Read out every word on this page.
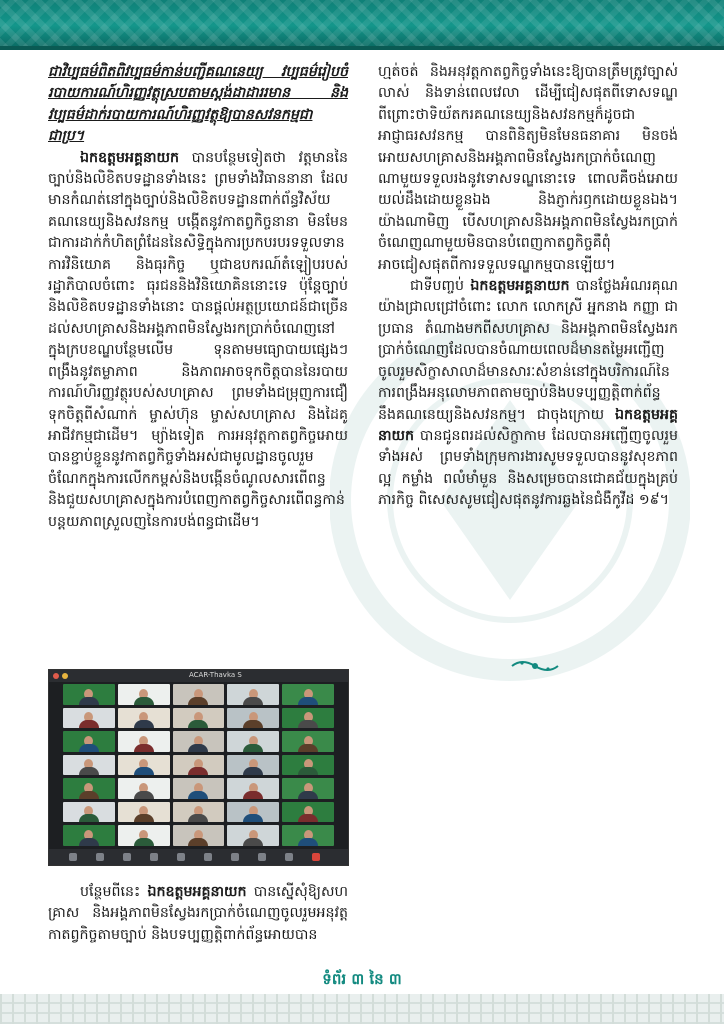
ជាវិប្បធម៌ពិតពិវប្បធម៌កាន់បញ្ជីគណនេយ្យ វប្បធម៌រៀបចំរបាយការណ៍ហិរញ្ញវត្ថុស្របតាមស្តង់ដាដាររមាន និងវប្បធម៌ដាក់របាយការណ៍ហិរញ្ញវត្ថុឱ្យបានសវនកម្មជាជាប្រ។

ឯកឧត្តមអគ្គនាយក បានបន្ថែមទៀតថា វត្តមាននៃច្បាប់និងលិខិតបទដ្ឋានទាំងនេះ ព្រមទាំងវិធាននានា ដែលមានកំណត់នៅក្នុងច្បាប់និងលិខិតបទដ្ឋានពាក់ព័ន្ធវិស័យគណនេយ្យនិងសវនកម្ម បង្កើតនូវកាតព្វកិច្ចនានា មិនមែនជាការដាក់កំហិតព្រំដែននៃសិទ្ធិក្នុងការប្រកបរបរទទួលទាន ការវិនិយោគ និងធុរកិច្ច ឬជាឧបករណ៍តំឡៀបរបស់រដ្ឋាភិបាលចំពោះ ធុរជននិងវិនិយោគិននោះទេ ប៉ុន្តែច្បាប់និងលិខិតបទដ្ឋានទាំងនោះ បានផ្តល់អត្ថប្រយោជន៍ជាច្រើនដល់សហគ្រាសនិងអង្គភាពមិនស្វែងរកប្រាក់ចំណេញនៅក្នុងក្របខណ្ឌបន្ថែមលើម ទុនតាមមធ្យោបាយផ្សេងៗ ពង្រឹងនូវតម្លាភាព និងភាពអាចទុកចិត្តបាននៃរបាយការណ៍ហិរញ្ញវត្ថុរបស់សហគ្រាស ព្រមទាំងជម្រុញការជឿទុកចិត្តពីសំណាក់ ម្ចាស់ហ៊ុន ម្ចាស់សហគ្រាស និងដៃគូអាជីវកម្មជាដើម។ ម្យ៉ាងទៀត ការអនុវត្តកាតព្វកិច្ចអោយបានខ្ជាប់ខ្ជួននូវកាតព្វកិច្ចទាំងអស់ជាមូលដ្ឋានចូលរួមចំណែកក្នុងការលើកកម្ពស់និងបង្កើនចំណូលសារពើពន្ធ និងជួយសហគ្រាសក្នុងការបំពេញកាតព្វកិច្ចសារពើពន្ធកាន់បន្តយភាពស្រួលញនៃការបង់ពន្ធជាដើម។

ACAR-Thavka S

បន្ថែមពីនេះ ឯកឧត្តមអគ្គនាយក បានស្នើសុំឱ្យសហគ្រាស និងអង្គភាពមិនស្វែងរកប្រាក់ចំណេញចូលរួមអនុវត្តកាតព្វកិច្ចតាមច្បាប់ និងបទប្បញ្ញត្តិពាក់ព័ន្ធអោយបាន

ហ្មត់ចត់ និងអនុវត្តកាតព្វកិច្ចទាំងនេះឱ្យបានត្រឹមត្រូវច្បាស់លាស់ និងទាន់ពេលវេលា ដើម្បីជៀសផុតពីទោសទណ្ឌ ពីព្រោះថាទិយ័តករគណនេយ្យនិងសវនកម្មក៏ដូចជាអាជ្ញាធរសវនកម្ម បានពិនិត្យមិនមែនធនាគារ មិនចង់អោយសហគ្រាសនិងអង្គភាពមិនស្វែងរកប្រាក់ចំណេញណាមួយទទួលរងនូវទោសទណ្ឌនោះទេ ពោលគឺចង់អោយយល់ដឹងដោយខ្លួនឯង និងភ្ញាក់រឭកដោយខ្លួនឯង។ យ៉ាងណាមិញ បើសហគ្រាសនិងអង្គភាពមិនស្វែងរកប្រាក់ចំណេញណាមួយមិនបានបំពេញកាតព្វកិច្ចគឺពុំអាចជៀសផុតពីការទទួលទណ្ឌកម្មបានឡើយ។

ជាទីបញ្ចប់ ឯកឧត្តមអគ្គនាយក បានថ្លែងអំណរគុណយ៉ាងជ្រាលជ្រៅចំពោះ លោក លោកស្រី អ្នកនាង កញ្ញា ជាប្រធាន តំណាងមកពីសហគ្រាស និងអង្គភាពមិនស្វែងរកប្រាក់ចំណេញដែលបានចំណាយពេលដ៏មានតម្លៃអញ្ជើញចូលរួមសិក្ខាសាលាដ៏មានសារៈសំខាន់នៅក្នុងបរិការណ៍នៃការពង្រឹងអនុលោមភាពតាមច្បាប់និងបទប្បញ្ញត្តិពាក់ព័ន្ធនឹងគណនេយ្យនិងសវនកម្ម។ ជាចុងក្រោយ ឯកឧត្តមអគ្គនាយក បានជូនពរដល់សិក្ខាកាម ដែលបានអញ្ជើញចូលរួមទាំងអស់ ព្រមទាំងក្រុមការងារសូមទទួលបាននូវសុខភាពល្អ កម្លាំង ពលំមាំមួន និងសម្រេចបានជោគជ័យក្នុងគ្រប់ភារកិច្ច ពិសេសសូមជៀសផុតនូវការឆ្លងនៃជំងឺកូវីដ ១៩។

ទំព័រ ៣ នៃ ៣
